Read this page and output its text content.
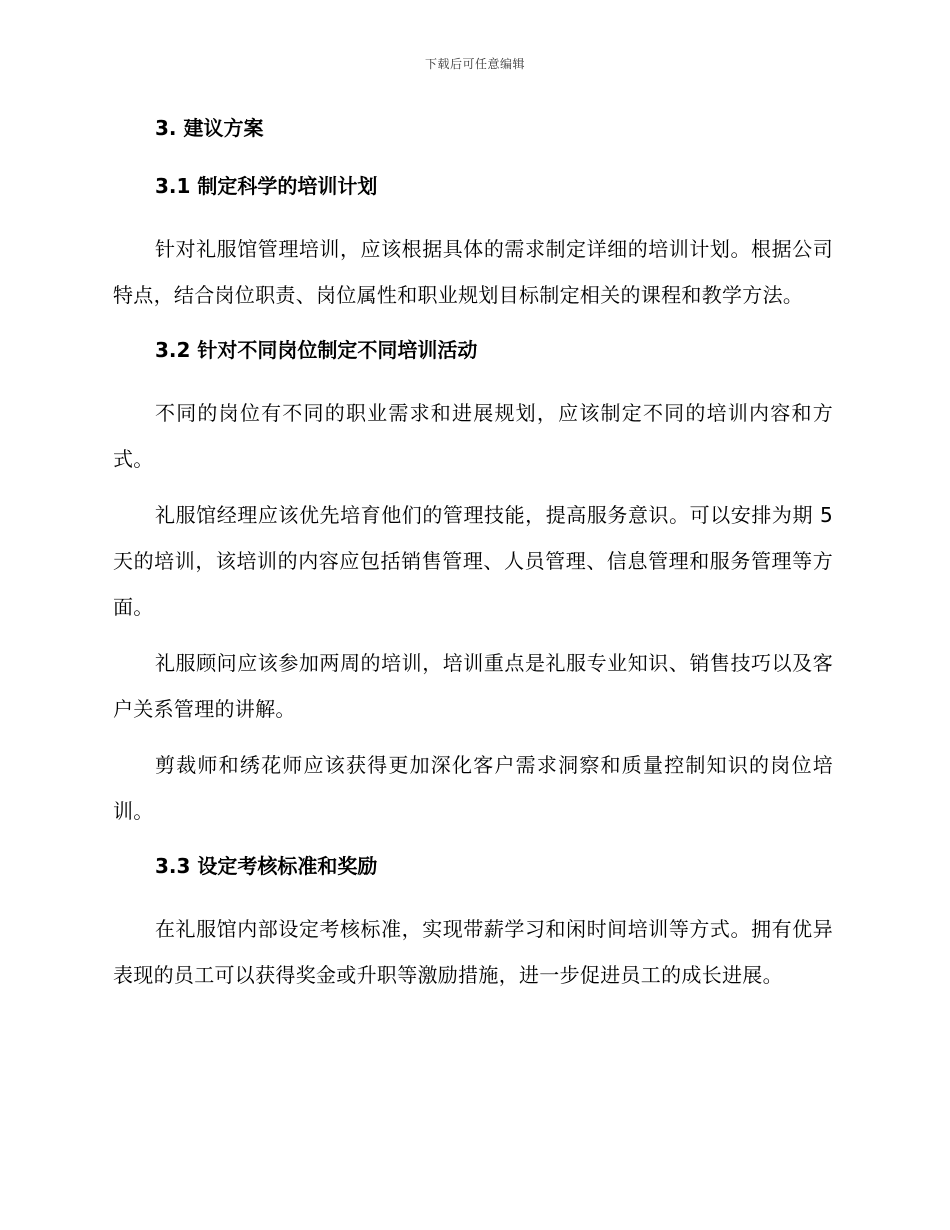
下载后可任意编辑
3. 建议方案
3.1 制定科学的培训计划

针对礼服馆管理培训，应该根据具体的需求制定详细的培训计划。根据公司特点，结合岗位职责、岗位属性和职业规划目标制定相关的课程和教学方法。

3.2 针对不同岗位制定不同培训活动

不同的岗位有不同的职业需求和进展规划，应该制定不同的培训内容和方式。

礼服馆经理应该优先培育他们的管理技能，提高服务意识。可以安排为期 5 天的培训，该培训的内容应包括销售管理、人员管理、信息管理和服务管理等方面。

礼服顾问应该参加两周的培训，培训重点是礼服专业知识、销售技巧以及客户关系管理的讲解。

剪裁师和绣花师应该获得更加深化客户需求洞察和质量控制知识的岗位培训。

3.3 设定考核标准和奖励

在礼服馆内部设定考核标准，实现带薪学习和闲时间培训等方式。拥有优异表现的员工可以获得奖金或升职等激励措施，进一步促进员工的成长进展。
